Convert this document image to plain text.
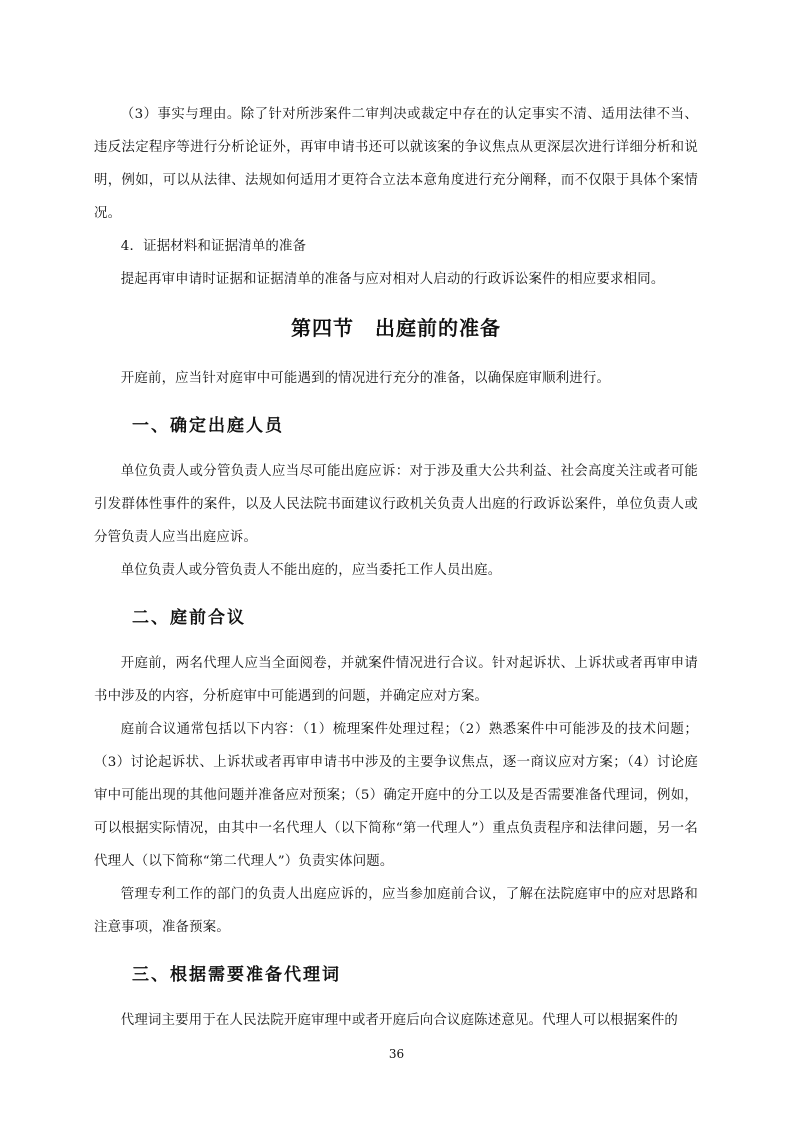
（3）事实与理由。除了针对所涉案件二审判决或裁定中存在的认定事实不清、适用法律不当、违反法定程序等进行分析论证外，再审申请书还可以就该案的争议焦点从更深层次进行详细分析和说明，例如，可以从法律、法规如何适用才更符合立法本意角度进行充分阐释，而不仅限于具体个案情况。

4．证据材料和证据清单的准备

提起再审申请时证据和证据清单的准备与应对相对人启动的行政诉讼案件的相应要求相同。

第四节　出庭前的准备

开庭前，应当针对庭审中可能遇到的情况进行充分的准备，以确保庭审顺利进行。

一、确定出庭人员

单位负责人或分管负责人应当尽可能出庭应诉：对于涉及重大公共利益、社会高度关注或者可能引发群体性事件的案件，以及人民法院书面建议行政机关负责人出庭的行政诉讼案件，单位负责人或分管负责人应当出庭应诉。

单位负责人或分管负责人不能出庭的，应当委托工作人员出庭。

二、庭前合议

开庭前，两名代理人应当全面阅卷，并就案件情况进行合议。针对起诉状、上诉状或者再审申请书中涉及的内容，分析庭审中可能遇到的问题，并确定应对方案。

庭前合议通常包括以下内容：（1）梳理案件处理过程；（2）熟悉案件中可能涉及的技术问题；（3）讨论起诉状、上诉状或者再审申请书中涉及的主要争议焦点，逐一商议应对方案；（4）讨论庭审中可能出现的其他问题并准备应对预案；（5）确定开庭中的分工以及是否需要准备代理词，例如，可以根据实际情况，由其中一名代理人（以下简称“第一代理人”）重点负责程序和法律问题，另一名代理人（以下简称“第二代理人”）负责实体问题。

管理专利工作的部门的负责人出庭应诉的，应当参加庭前合议，了解在法院庭审中的应对思路和注意事项，准备预案。

三、根据需要准备代理词

代理词主要用于在人民法院开庭审理中或者开庭后向合议庭陈述意见。代理人可以根据案件的

36
